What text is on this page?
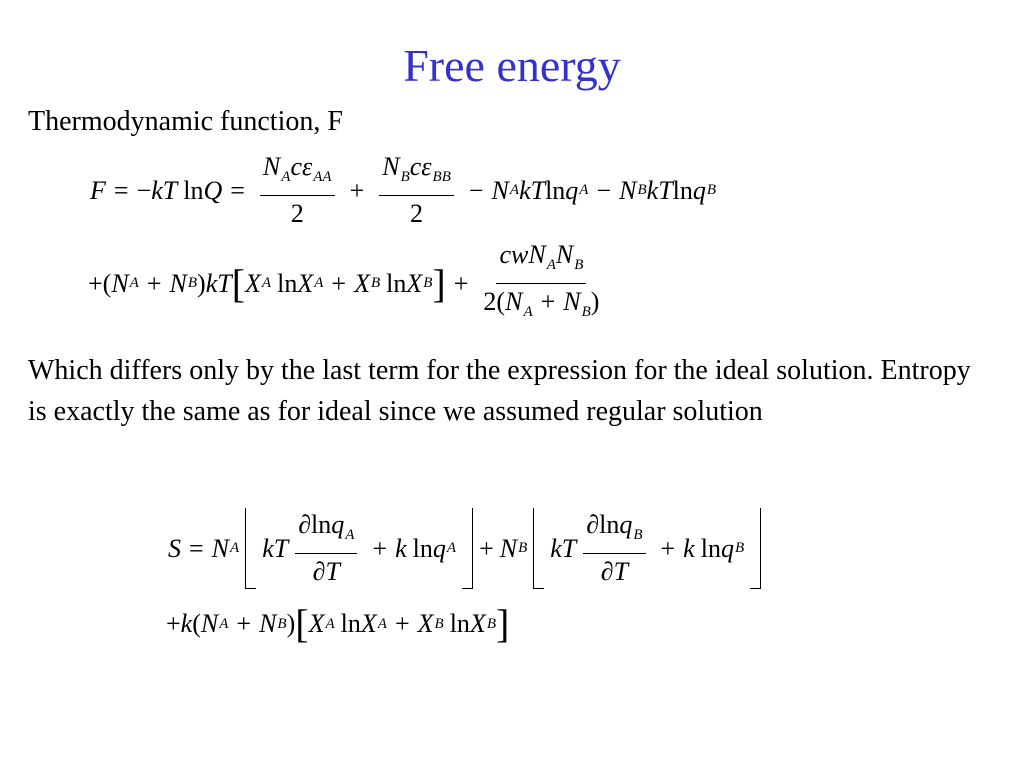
Free energy
Thermodynamic function, F
F = − kT $\ln Q = \frac{N_Ac\varepsilon_{AA}}{2} + \frac{N_Bc\varepsilon_{BB}}{2} - N$ A kT ln q A − N B kT ln q B
+( N A + N B ) kT [ X A ln X A + X B ln X B ] + $\frac{cwN_AN_B}{2(N_A + N_B)}$
Which differs only by the last term for the expression for the ideal solution. Entropy is exactly the same as for ideal since we assumed regular solution
S = N A kT $\frac{\partial\ln q_A}{\partial T} + k$ ln q A + N B kT $\frac{\partial\ln q_B}{\partial T} + k$ ln q B
+ k ( N A + N B ) [ X A ln X A + X B ln X B ]
